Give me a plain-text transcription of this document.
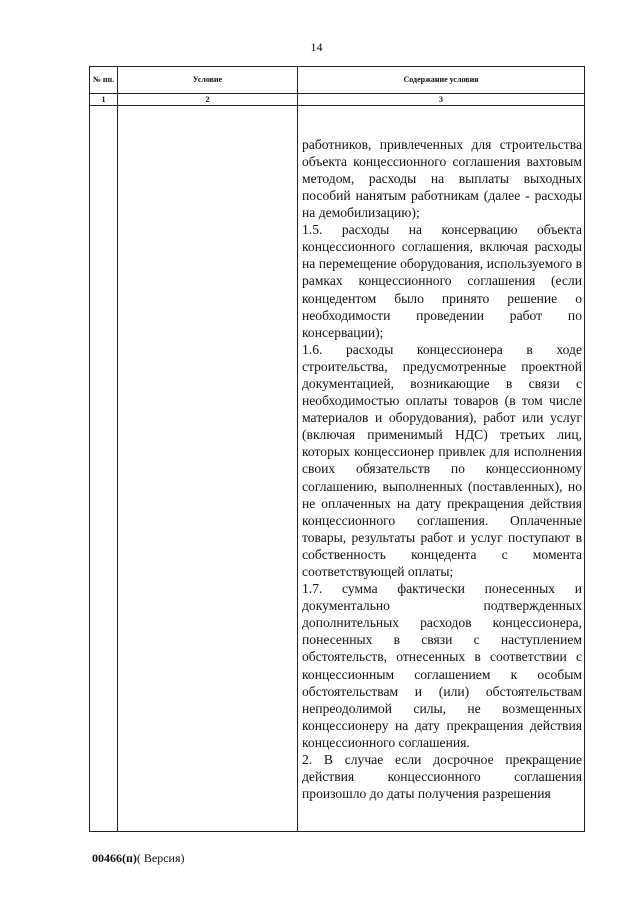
14
№ пп.	Условие	Содержание условия
1	2	3

		работников, привлеченных для строительства объекта концессионного соглашения вахтовым методом, расходы на выплаты выходных пособий нанятым работникам (далее - расходы на демобилизацию);

1.5. расходы на консервацию объекта концессионного соглашения, включая расходы на перемещение оборудования, используемого в рамках концессионного соглашения (если концедентом было принято решение о необходимости проведении работ по консервации);

1.6. расходы концессионера в ходе строительства, предусмотренные проектной документацией, возникающие в связи с необходимостью оплаты товаров (в том числе материалов и оборудования), работ или услуг (включая применимый НДС) третьих лиц, которых концессионер привлек для исполнения своих обязательств по концессионному соглашению, выполненных (поставленных), но не оплаченных на дату прекращения действия концессионного соглашения. Оплаченные товары, результаты работ и услуг поступают в собственность концедента с момента соответствующей оплаты;

1.7. сумма фактически понесенных и документально подтвержденных дополнительных расходов концессионера, понесенных в связи с наступлением обстоятельств, отнесенных в соответствии с концессионным соглашением к особым обстоятельствам и (или) обстоятельствам непреодолимой силы, не возмещенных концессионеру на дату прекращения действия концессионного соглашения.

2. В случае если досрочное прекращение действия концессионного соглашения произошло до даты получения разрешения

00466(п)( Версия)
